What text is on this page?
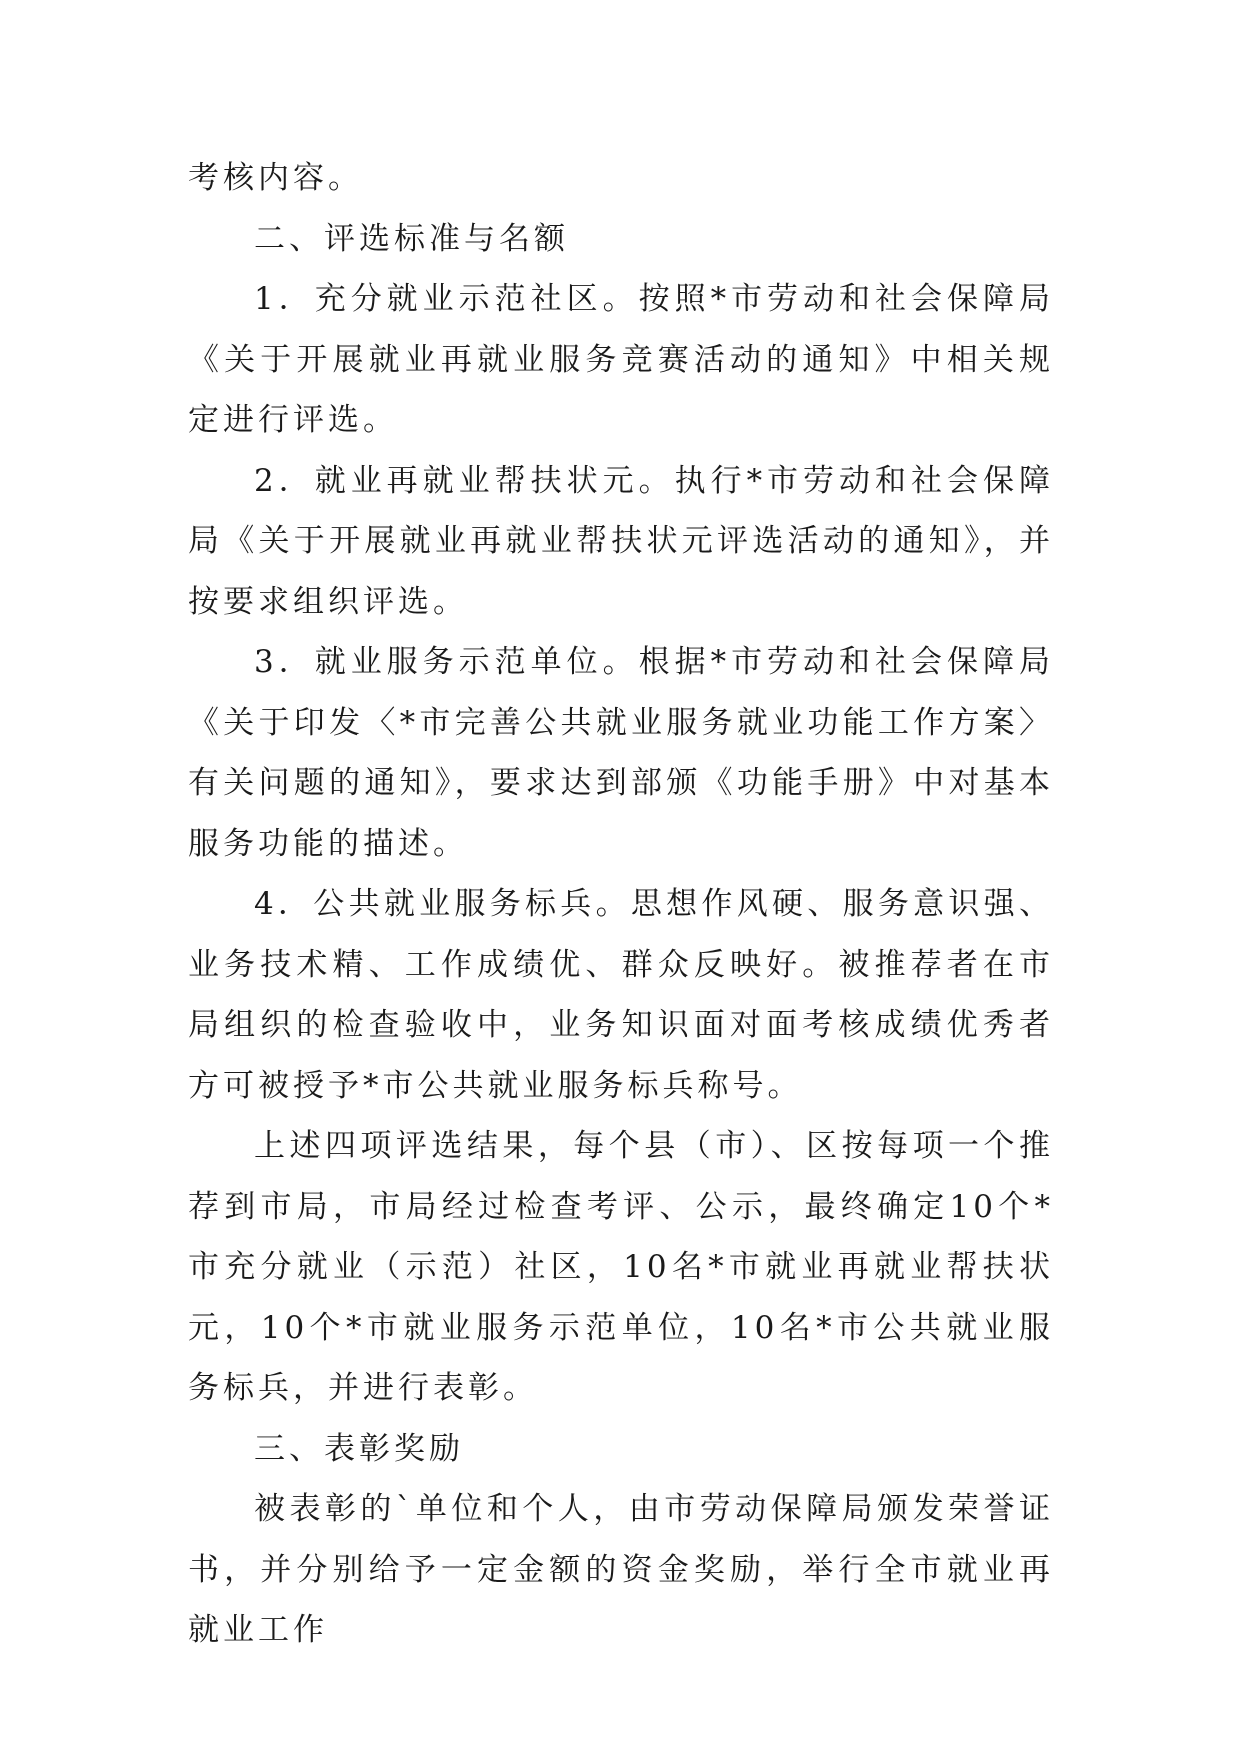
考核内容。

二、评选标准与名额

1．充分就业示范社区。按照*市劳动和社会保障局《关于开展就业再就业服务竞赛活动的通知》中相关规定进行评选。

2．就业再就业帮扶状元。执行*市劳动和社会保障局《关于开展就业再就业帮扶状元评选活动的通知》，并按要求组织评选。

3．就业服务示范单位。根据*市劳动和社会保障局《关于印发〈*市完善公共就业服务就业功能工作方案〉有关问题的通知》，要求达到部颁《功能手册》中对基本服务功能的描述。

4．公共就业服务标兵。思想作风硬、服务意识强、业务技术精、工作成绩优、群众反映好。被推荐者在市局组织的检查验收中，业务知识面对面考核成绩优秀者方可被授予*市公共就业服务标兵称号。

上述四项评选结果，每个县（市）、区按每项一个推荐到市局，市局经过检查考评、公示，最终确定10个*市充分就业（示范）社区，10名*市就业再就业帮扶状元，10个*市就业服务示范单位，10名*市公共就业服务标兵，并进行表彰。

三、表彰奖励

被表彰的`单位和个人，由市劳动保障局颁发荣誉证书，并分别给予一定金额的资金奖励，举行全市就业再就业工作
